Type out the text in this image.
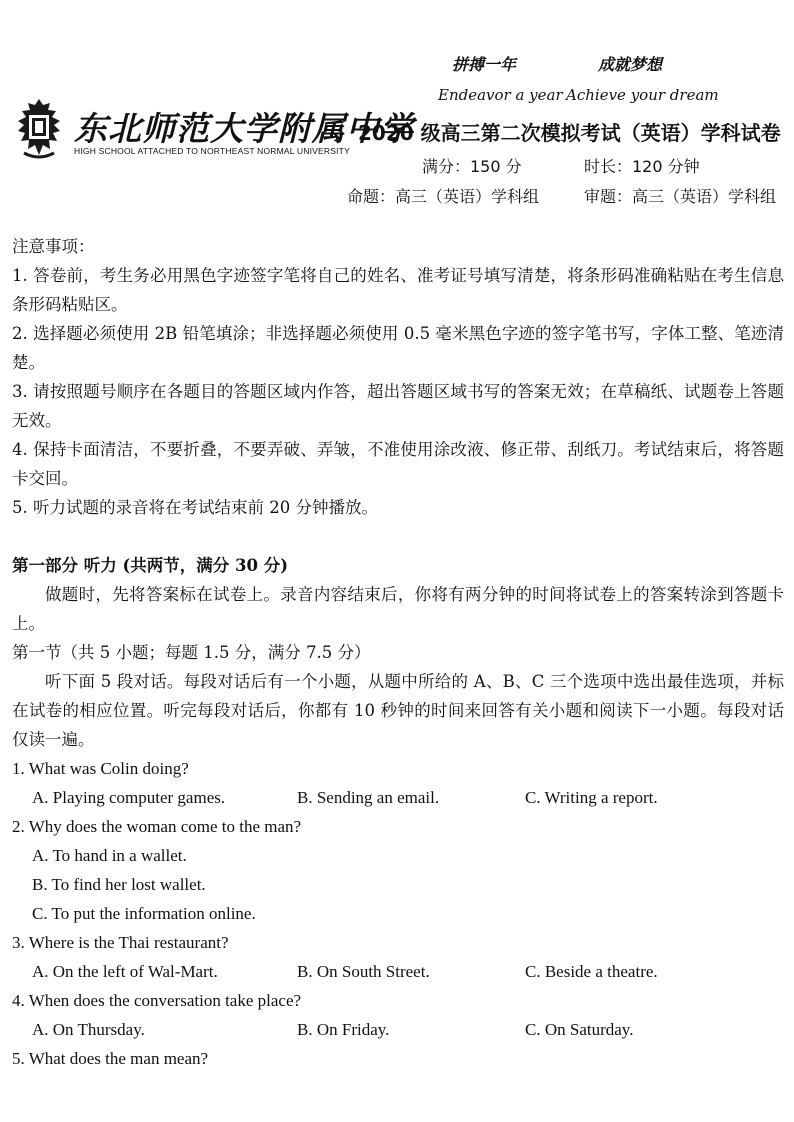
东北师范大学附属中学
HIGH SCHOOL ATTACHED TO NORTHEAST NORMAL UNIVERSITY
拼搏一年	成就梦想
Endeavor a year Achieve your dream
2020 级高三第二次模拟考试（英语）学科试卷
满分：150 分	时长：120 分钟
命题：高三（英语）学科组	审题：高三（英语）学科组
注意事项：
1. 答卷前，考生务必用黑色字迹签字笔将自己的姓名、准考证号填写清楚，将条形码准确粘贴在考生信息条形码粘贴区。
2. 选择题必须使用 2B 铅笔填涂；非选择题必须使用 0.5 毫米黑色字迹的签字笔书写，字体工整、笔迹清楚。
3. 请按照题号顺序在各题目的答题区域内作答，超出答题区域书写的答案无效；在草稿纸、试题卷上答题无效。
4. 保持卡面清洁，不要折叠，不要弄破、弄皱，不准使用涂改液、修正带、刮纸刀。考试结束后，将答题卡交回。
5. 听力试题的录音将在考试结束前 20 分钟播放。
第一部分 听力 (共两节，满分 30 分)
做题时，先将答案标在试卷上。录音内容结束后，你将有两分钟的时间将试卷上的答案转涂到答题卡上。
第一节（共 5 小题；每题 1.5 分，满分 7.5 分）
听下面 5 段对话。每段对话后有一个小题，从题中所给的 A、B、C 三个选项中选出最佳选项，并标在试卷的相应位置。听完每段对话后，你都有 10 秒钟的时间来回答有关小题和阅读下一小题。每段对话仅读一遍。
1. What was Colin doing?
A. Playing computer games.	B. Sending an email.	C. Writing a report.
2. Why does the woman come to the man?
A. To hand in a wallet.
B. To find her lost wallet.
C. To put the information online.
3. Where is the Thai restaurant?
A. On the left of Wal-Mart.	B. On South Street.	C. Beside a theatre.
4. When does the conversation take place?
A. On Thursday.	B. On Friday.	C. On Saturday.
5. What does the man mean?
